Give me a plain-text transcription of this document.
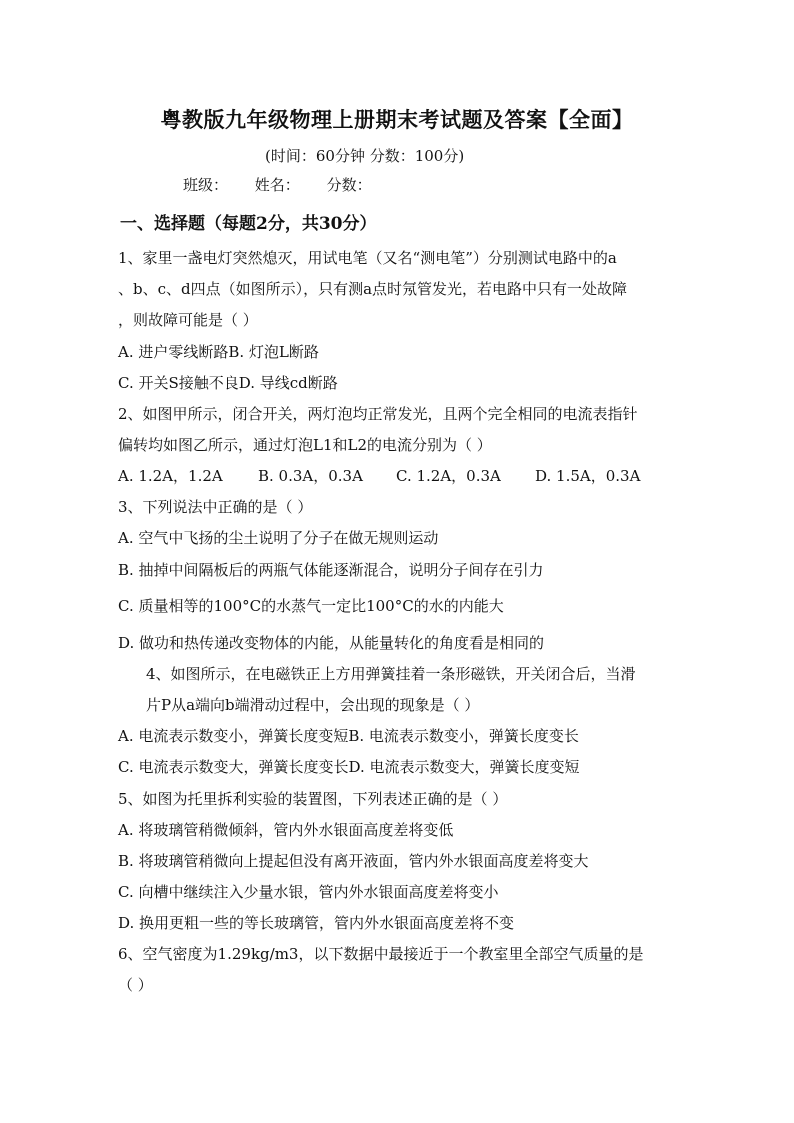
粤教版九年级物理上册期末考试题及答案【全面】
(时间：60分钟 分数：100分)
班级： 姓名： 分数：
一、选择题（每题2分，共30分）
1、家里一盏电灯突然熄灭，用试电笔（又名“测电笔”）分别测试电路中的a
、b、c、d四点（如图所示），只有测a点时氖管发光，若电路中只有一处故障
，则故障可能是（ ）
A. 进户零线断路B. 灯泡L断路
C. 开关S接触不良D. 导线cd断路
2、如图甲所示，闭合开关，两灯泡均正常发光，且两个完全相同的电流表指针
偏转均如图乙所示，通过灯泡L1和L2的电流分别为（ ）
A. 1.2A，1.2A B. 0.3A，0.3A C. 1.2A，0.3A D. 1.5A，0.3A
3、下列说法中正确的是（ ）
A. 空气中飞扬的尘土说明了分子在做无规则运动
B. 抽掉中间隔板后的两瓶气体能逐渐混合，说明分子间存在引力
C. 质量相等的100°C的水蒸气一定比100°C的水的内能大
D. 做功和热传递改变物体的内能，从能量转化的角度看是相同的
4、如图所示，在电磁铁正上方用弹簧挂着一条形磁铁，开关闭合后，当滑
片P从a端向b端滑动过程中，会出现的现象是（ ）
A. 电流表示数变小，弹簧长度变短B. 电流表示数变小，弹簧长度变长
C. 电流表示数变大，弹簧长度变长D. 电流表示数变大，弹簧长度变短
5、如图为托里拆利实验的装置图，下列表述正确的是（ ）
A. 将玻璃管稍微倾斜，管内外水银面高度差将变低
B. 将玻璃管稍微向上提起但没有离开液面，管内外水银面高度差将变大
C. 向槽中继续注入少量水银，管内外水银面高度差将变小
D. 换用更粗一些的等长玻璃管，管内外水银面高度差将不变
6、空气密度为1.29kg/m3，以下数据中最接近于一个教室里全部空气质量的是
（ ）
